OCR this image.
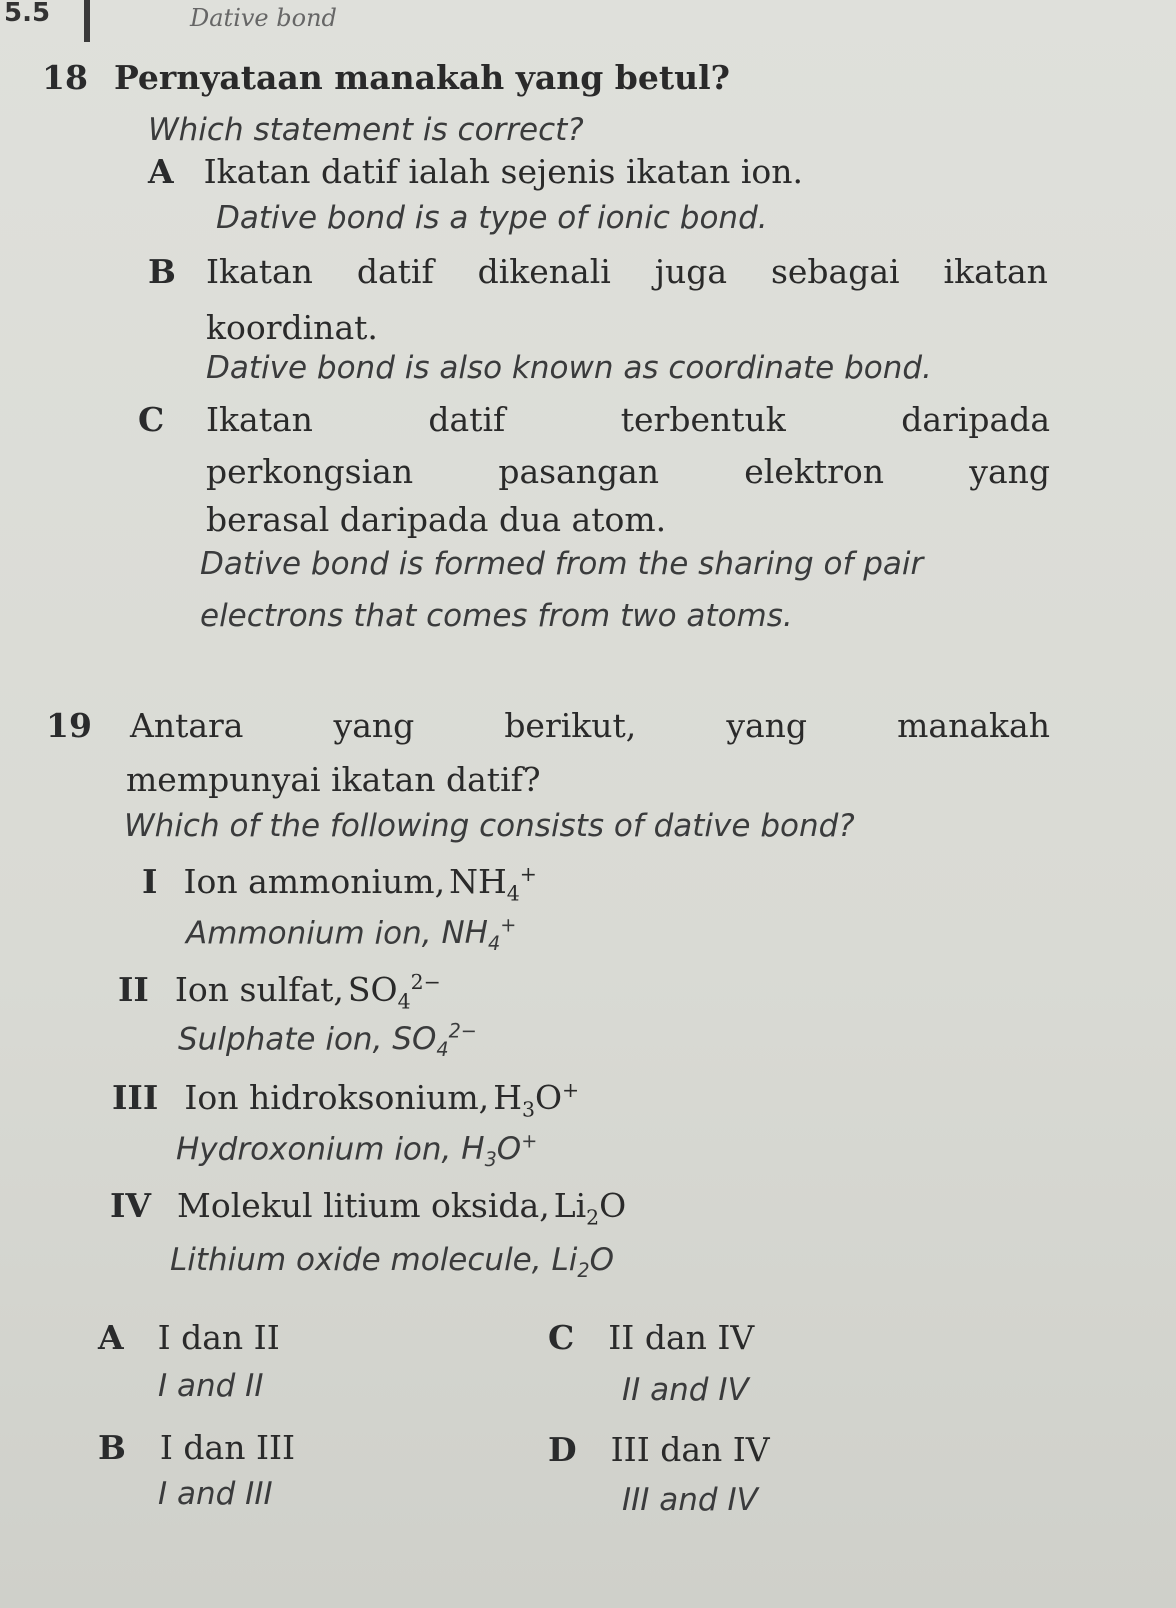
5.5	Dative bond
18 Pernyataan manakah yang betul?
Which statement is correct?
A Ikatan datif ialah sejenis ikatan ion.
Dative bond is a type of ionic bond.
B Ikatan datif dikenali juga sebagai ikatan
koordinat.
Dative bond is also known as coordinate bond.
C Ikatan	datif	terbentuk	daripada
perkongsian	pasangan	elektron	yang
berasal daripada dua atom.
Dative bond is formed from the sharing of pair
electrons that comes from two atoms.
19 Antara	yang	berikut,	yang	manakah
mempunyai ikatan datif?
Which of the following consists of dative bond?
I Ion ammonium, $NH_4^+$
Ammonium ion, $NH_4^+$
II Ion sulfat, $SO_4^{2-}$
Sulphate ion, $SO_4^{2-}$
III Ion hidroksonium, $H_3O^+$
Hydroxonium ion, $H_3O^+$
IV Molekul litium oksida, $Li_2O$
Lithium oxide molecule, $Li_2O$
A I dan II
I and II
B I dan III
I and III
C II dan IV
II and IV
D III dan IV
III and IV
